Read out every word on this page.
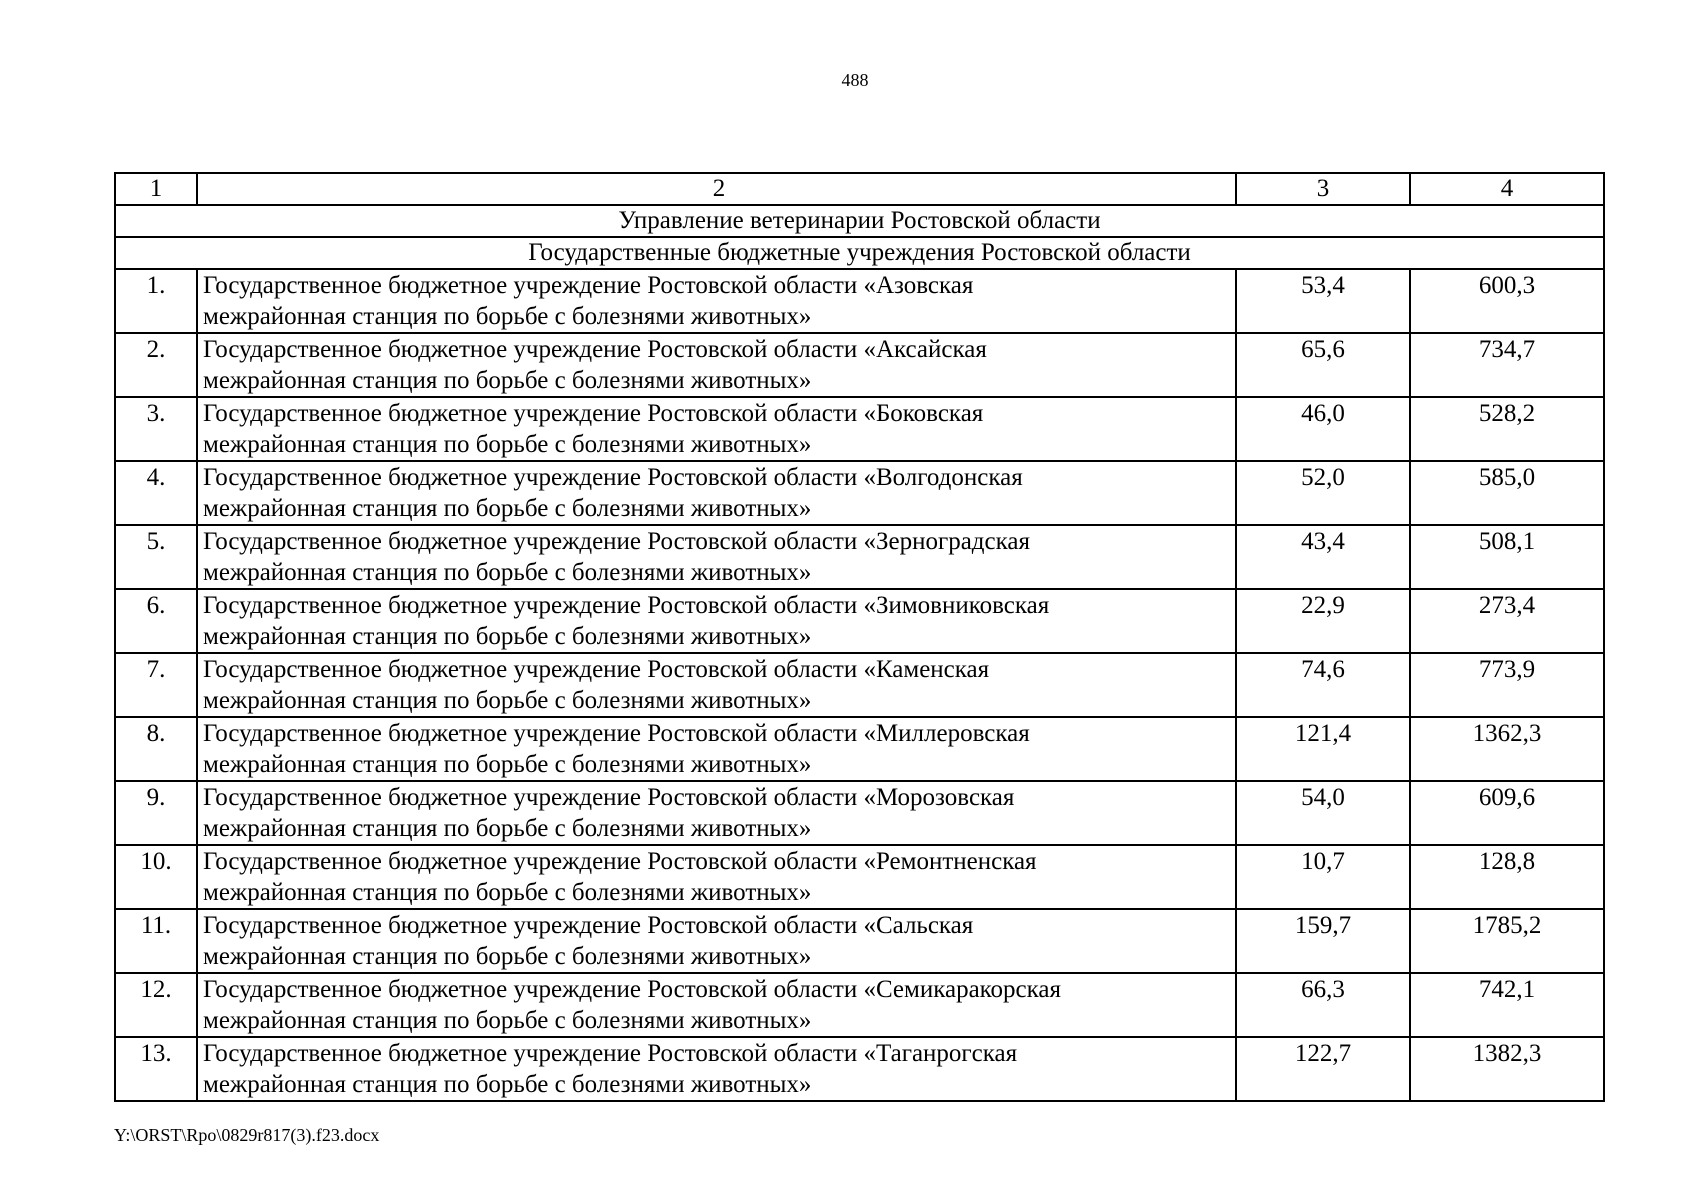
488
1	2	3	4
Управление ветеринарии Ростовской области			
Государственные бюджетные учреждения Ростовской области			
1.	Государственное бюджетное учреждение Ростовской области «Азовская
межрайонная станция по борьбе с болезнями животных»	53,4	600,3
2.	Государственное бюджетное учреждение Ростовской области «Аксайская
межрайонная станция по борьбе с болезнями животных»	65,6	734,7
3.	Государственное бюджетное учреждение Ростовской области «Боковская
межрайонная станция по борьбе с болезнями животных»	46,0	528,2
4.	Государственное бюджетное учреждение Ростовской области «Волгодонская
межрайонная станция по борьбе с болезнями животных»	52,0	585,0
5.	Государственное бюджетное учреждение Ростовской области «Зерноградская
межрайонная станция по борьбе с болезнями животных»	43,4	508,1
6.	Государственное бюджетное учреждение Ростовской области «Зимовниковская
межрайонная станция по борьбе с болезнями животных»	22,9	273,4
7.	Государственное бюджетное учреждение Ростовской области «Каменская
межрайонная станция по борьбе с болезнями животных»	74,6	773,9
8.	Государственное бюджетное учреждение Ростовской области «Миллеровская
межрайонная станция по борьбе с болезнями животных»	121,4	1362,3
9.	Государственное бюджетное учреждение Ростовской области «Морозовская
межрайонная станция по борьбе с болезнями животных»	54,0	609,6
10.	Государственное бюджетное учреждение Ростовской области «Ремонтненская
межрайонная станция по борьбе с болезнями животных»	10,7	128,8
11.	Государственное бюджетное учреждение Ростовской области «Сальская
межрайонная станция по борьбе с болезнями животных»	159,7	1785,2
12.	Государственное бюджетное учреждение Ростовской области «Семикаракорская
межрайонная станция по борьбе с болезнями животных»	66,3	742,1
13.	Государственное бюджетное учреждение Ростовской области «Таганрогская
межрайонная станция по борьбе с болезнями животных»	122,7	1382,3
Y:\ORST\Rpo\0829r817(3).f23.docx
